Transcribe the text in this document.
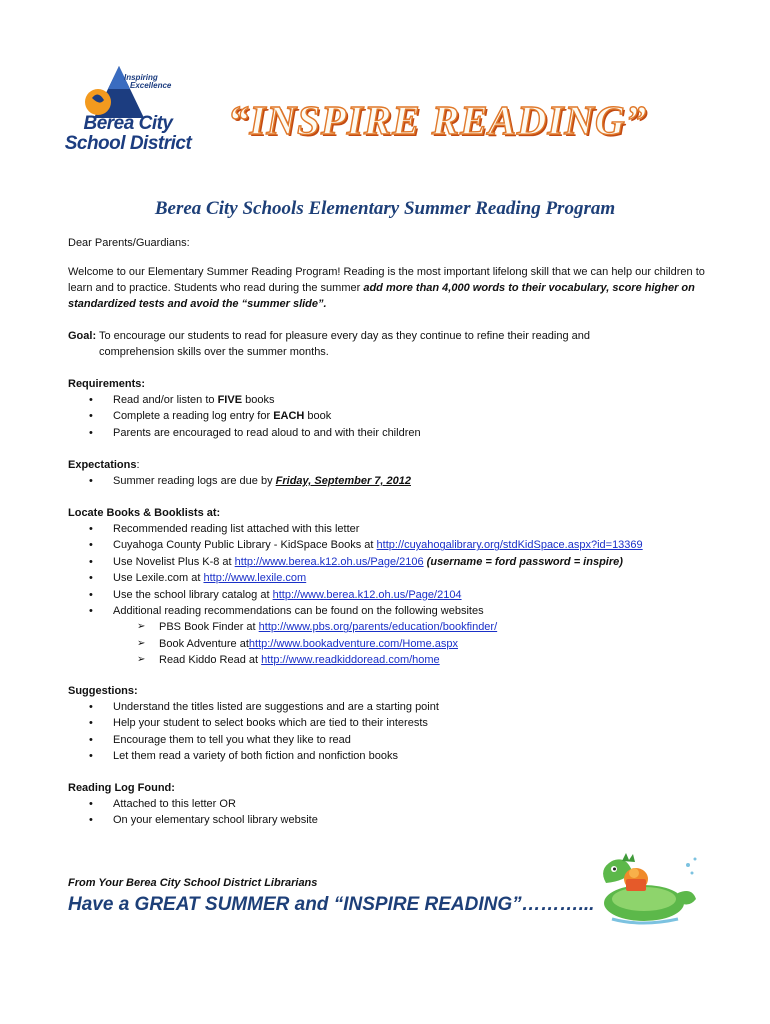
Inspiring
Excellence
Berea City
School District
“INSPIRE READING”
Berea City Schools Elementary Summer Reading Program
Dear Parents/Guardians:

Welcome to our Elementary Summer Reading Program! Reading is the most important lifelong skill that we can help our children to learn and to practice. Students who read during the summer add more than 4,000 words to their vocabulary, score higher on standardized tests and avoid the “summer slide”.

Goal: To encourage our students to read for pleasure every day as they continue to refine their reading and
comprehension skills over the summer months.
Requirements:
• Read and/or listen to FIVE books
• Complete a reading log entry for EACH book
• Parents are encouraged to read aloud to and with their children
Expectations:
• Summer reading logs are due by Friday, September 7, 2012
Locate Books & Booklists at:
• Recommended reading list attached with this letter
• Cuyahoga County Public Library - KidSpace Books at http://cuyahogalibrary.org/stdKidSpace.aspx?id=13369
• Use Novelist Plus K-8 at http://www.berea.k12.oh.us/Page/2106 (username = ford password = inspire)
• Use Lexile.com at http://www.lexile.com
• Use the school library catalog at http://www.berea.k12.oh.us/Page/2104
• Additional reading recommendations can be found on the following websites
➢ PBS Book Finder at http://www.pbs.org/parents/education/bookfinder/
➢ Book Adventure athttp://www.bookadventure.com/Home.aspx
➢ Read Kiddo Read at http://www.readkiddoread.com/home
Suggestions:
• Understand the titles listed are suggestions and are a starting point
• Help your student to select books which are tied to their interests
• Encourage them to tell you what they like to read
• Let them read a variety of both fiction and nonfiction books
Reading Log Found:
• Attached to this letter OR
• On your elementary school library website
From Your Berea City School District Librarians
Have a GREAT SUMMER and “INSPIRE READING”………...
